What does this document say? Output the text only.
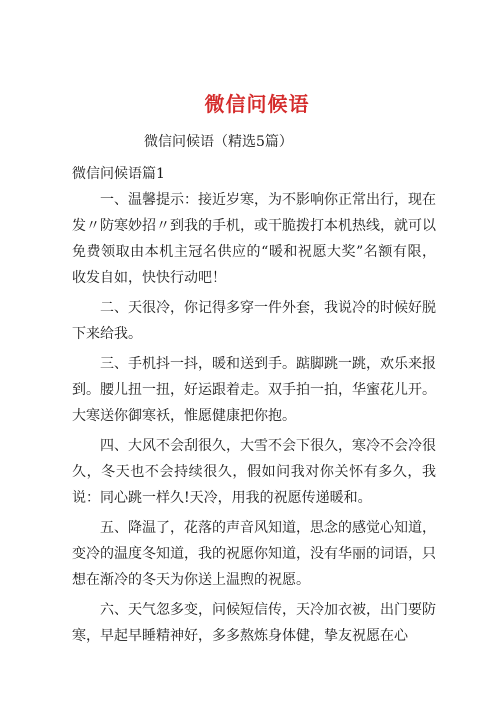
微信问候语
微信问候语（精选5篇）
微信问候语篇1

一、温馨提示：接近岁寒，为不影响你正常出行，现在发〃防寒妙招〃到我的手机，或干脆拨打本机热线，就可以免费领取由本机主冠名供应的“暖和祝愿大奖”名额有限，收发自如，快快行动吧！

二、天很冷，你记得多穿一件外套，我说冷的时候好脱下来给我。

三、手机抖一抖，暖和送到手。踮脚跳一跳，欢乐来报到。腰儿扭一扭，好运跟着走。双手拍一拍，华蜜花儿开。大寒送你御寒袄，惟愿健康把你抱。

四、大风不会刮很久，大雪不会下很久，寒冷不会冷很久，冬天也不会持续很久，假如问我对你关怀有多久，我说：同心跳一样久!天冷，用我的祝愿传递暖和。

五、降温了，花落的声音风知道，思念的感觉心知道，变冷的温度冬知道，我的祝愿你知道，没有华丽的词语，只想在渐冷的冬天为你送上温煦的祝愿。

六、天气忽多变，问候短信传，天冷加衣被，出门要防寒，早起早睡精神好，多多熬炼身体健，挚友祝愿在心
